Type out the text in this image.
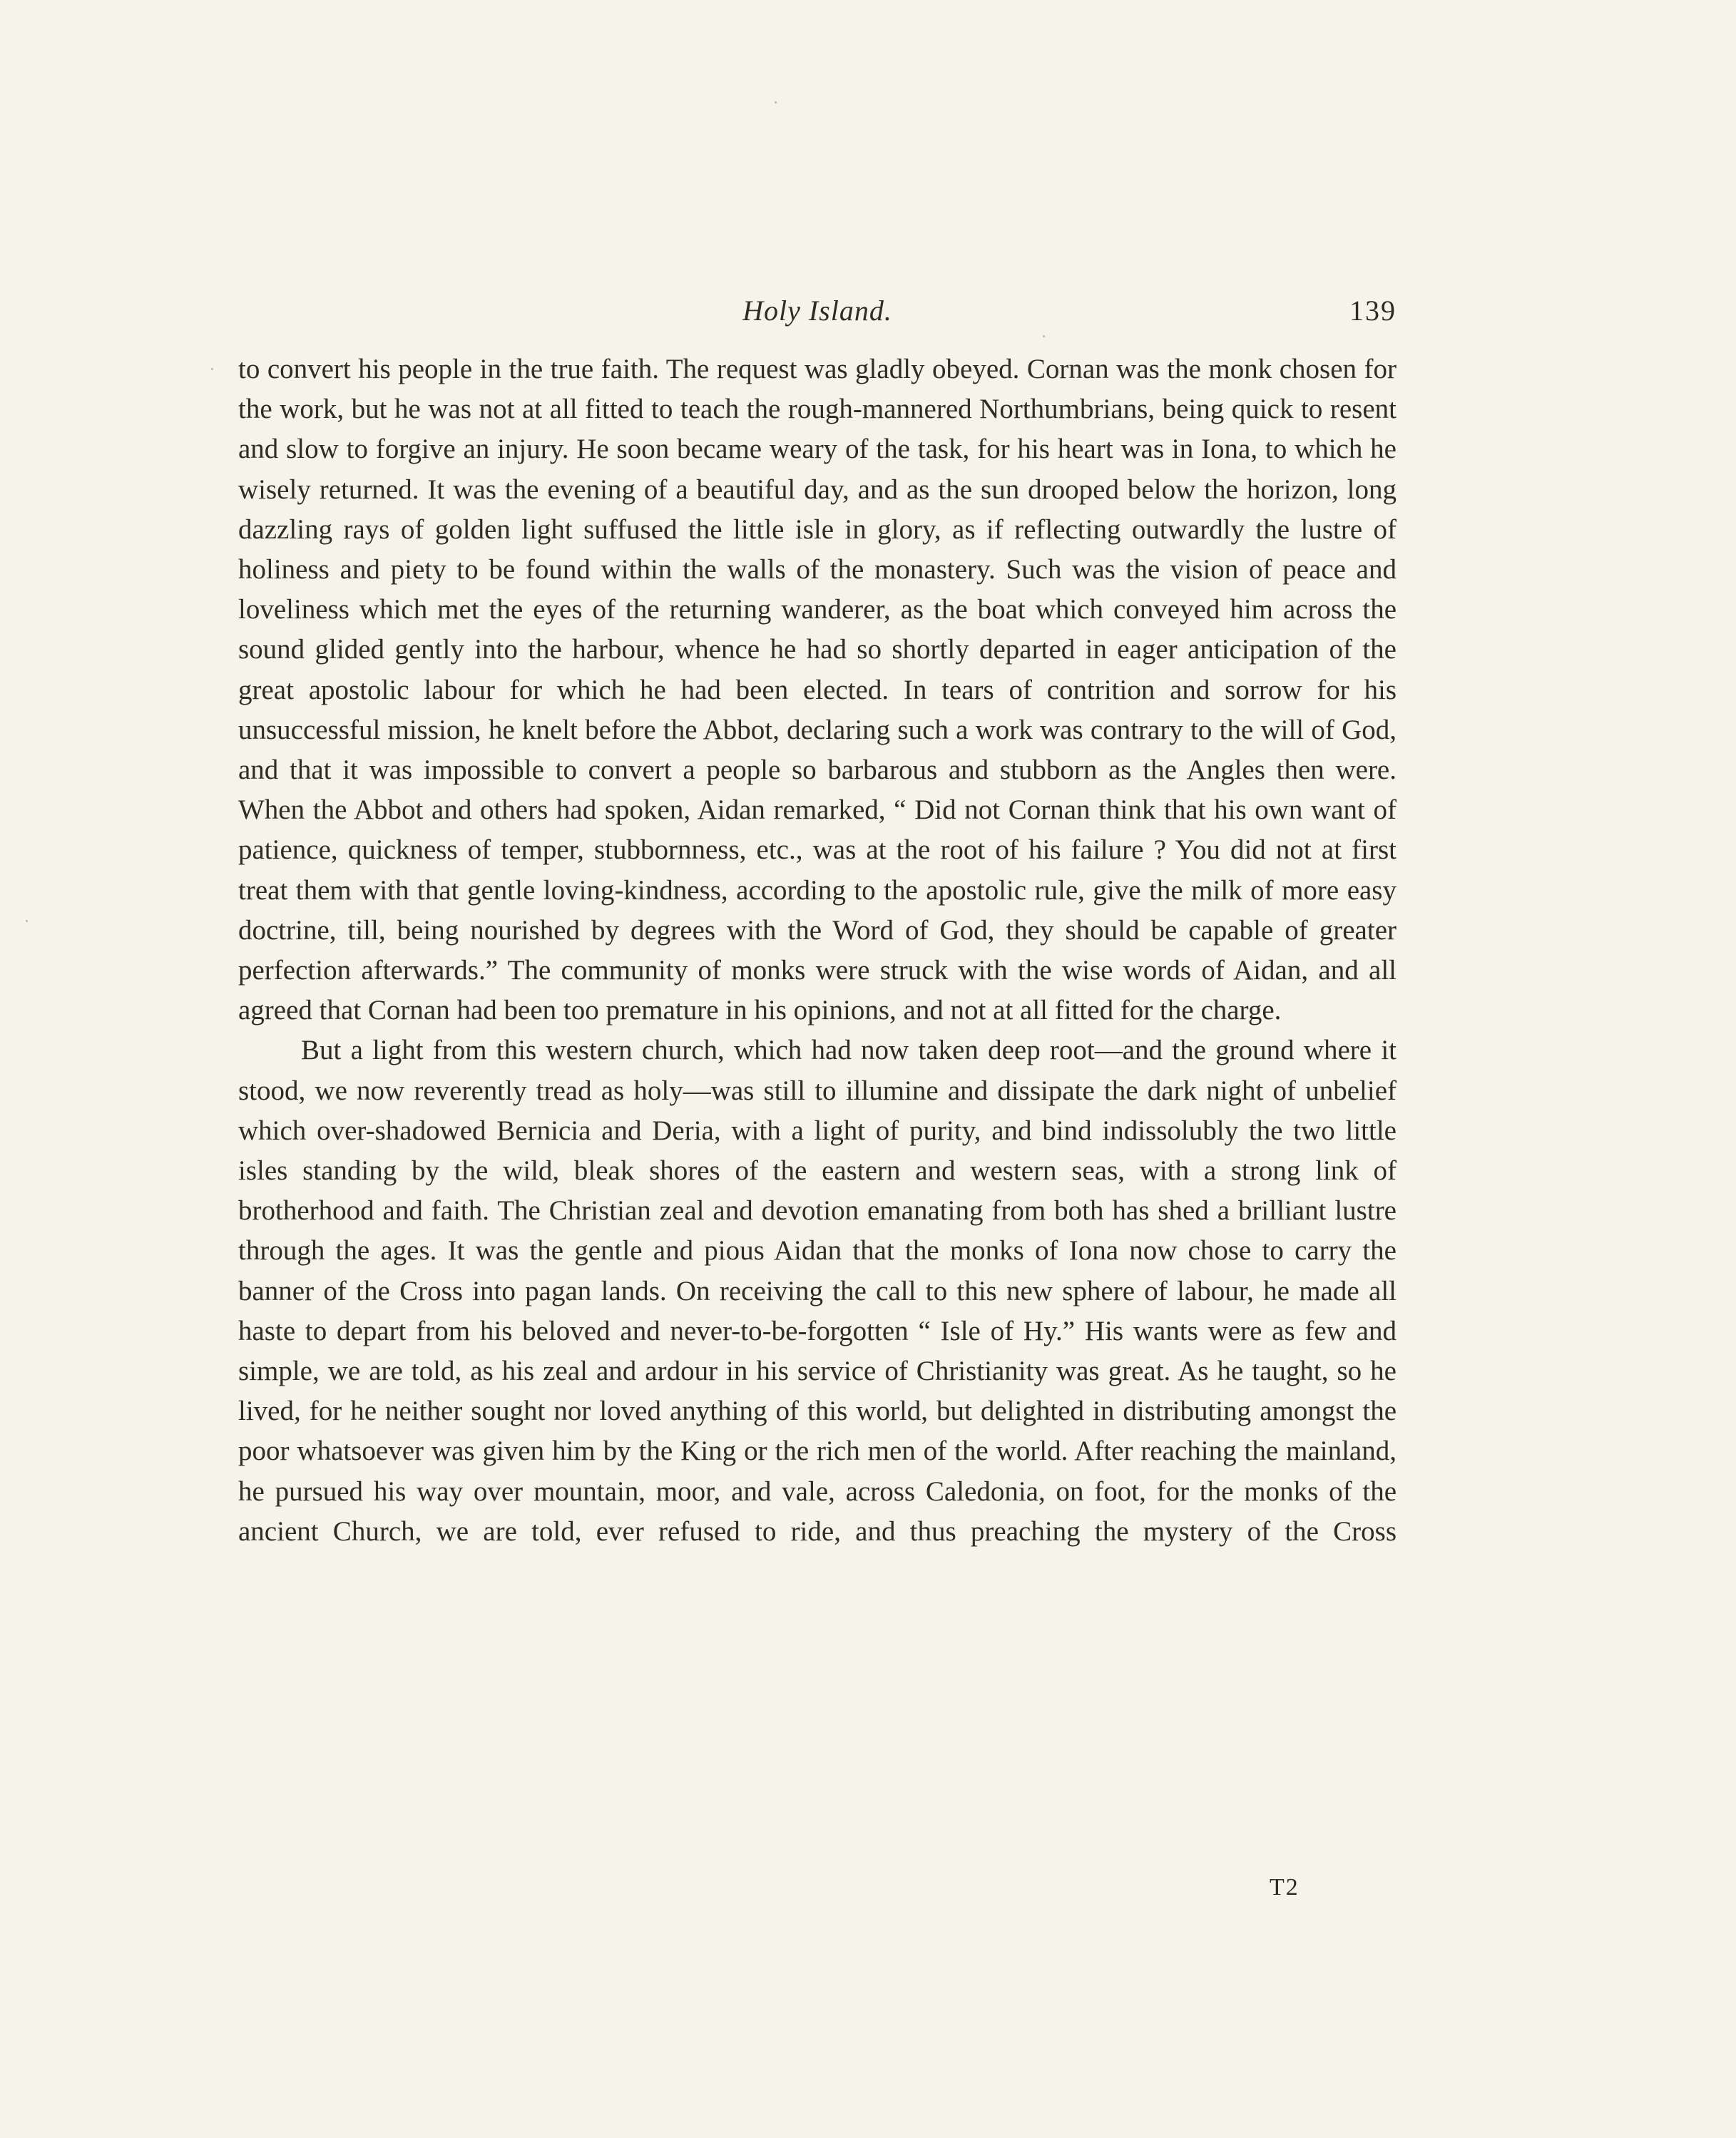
Holy Island.	139

to convert his people in the true faith. The request was gladly obeyed. Cornan was the monk chosen for the work, but he was not at all fitted to teach the rough-mannered Northumbrians, being quick to resent and slow to forgive an injury. He soon became weary of the task, for his heart was in Iona, to which he wisely returned. It was the evening of a beautiful day, and as the sun drooped below the horizon, long dazzling rays of golden light suffused the little isle in glory, as if reflecting outwardly the lustre of holiness and piety to be found within the walls of the monastery. Such was the vision of peace and loveliness which met the eyes of the returning wanderer, as the boat which conveyed him across the sound glided gently into the harbour, whence he had so shortly departed in eager anticipation of the great apostolic labour for which he had been elected. In tears of contrition and sorrow for his unsuccessful mission, he knelt before the Abbot, declaring such a work was contrary to the will of God, and that it was impossible to convert a people so barbarous and stubborn as the Angles then were. When the Abbot and others had spoken, Aidan remarked, “ Did not Cornan think that his own want of patience, quickness of temper, stubbornness, etc., was at the root of his failure ? You did not at first treat them with that gentle loving-kindness, according to the apostolic rule, give the milk of more easy doctrine, till, being nourished by degrees with the Word of God, they should be capable of greater perfection afterwards.” The community of monks were struck with the wise words of Aidan, and all agreed that Cornan had been too premature in his opinions, and not at all fitted for the charge.

But a light from this western church, which had now taken deep root—and the ground where it stood, we now reverently tread as holy—was still to illumine and dissipate the dark night of unbelief which over-shadowed Bernicia and Deria, with a light of purity, and bind indissolubly the two little isles standing by the wild, bleak shores of the eastern and western seas, with a strong link of brotherhood and faith. The Christian zeal and devotion emanating from both has shed a brilliant lustre through the ages. It was the gentle and pious Aidan that the monks of Iona now chose to carry the banner of the Cross into pagan lands. On receiving the call to this new sphere of labour, he made all haste to depart from his beloved and never-to-be-forgotten “ Isle of Hy.” His wants were as few and simple, we are told, as his zeal and ardour in his service of Christianity was great. As he taught, so he lived, for he neither sought nor loved anything of this world, but delighted in distributing amongst the poor whatsoever was given him by the King or the rich men of the world. After reaching the mainland, he pursued his way over mountain, moor, and vale, across Caledonia, on foot, for the monks of the ancient Church, we are told, ever refused to ride, and thus preaching the mystery of the Cross

T2
